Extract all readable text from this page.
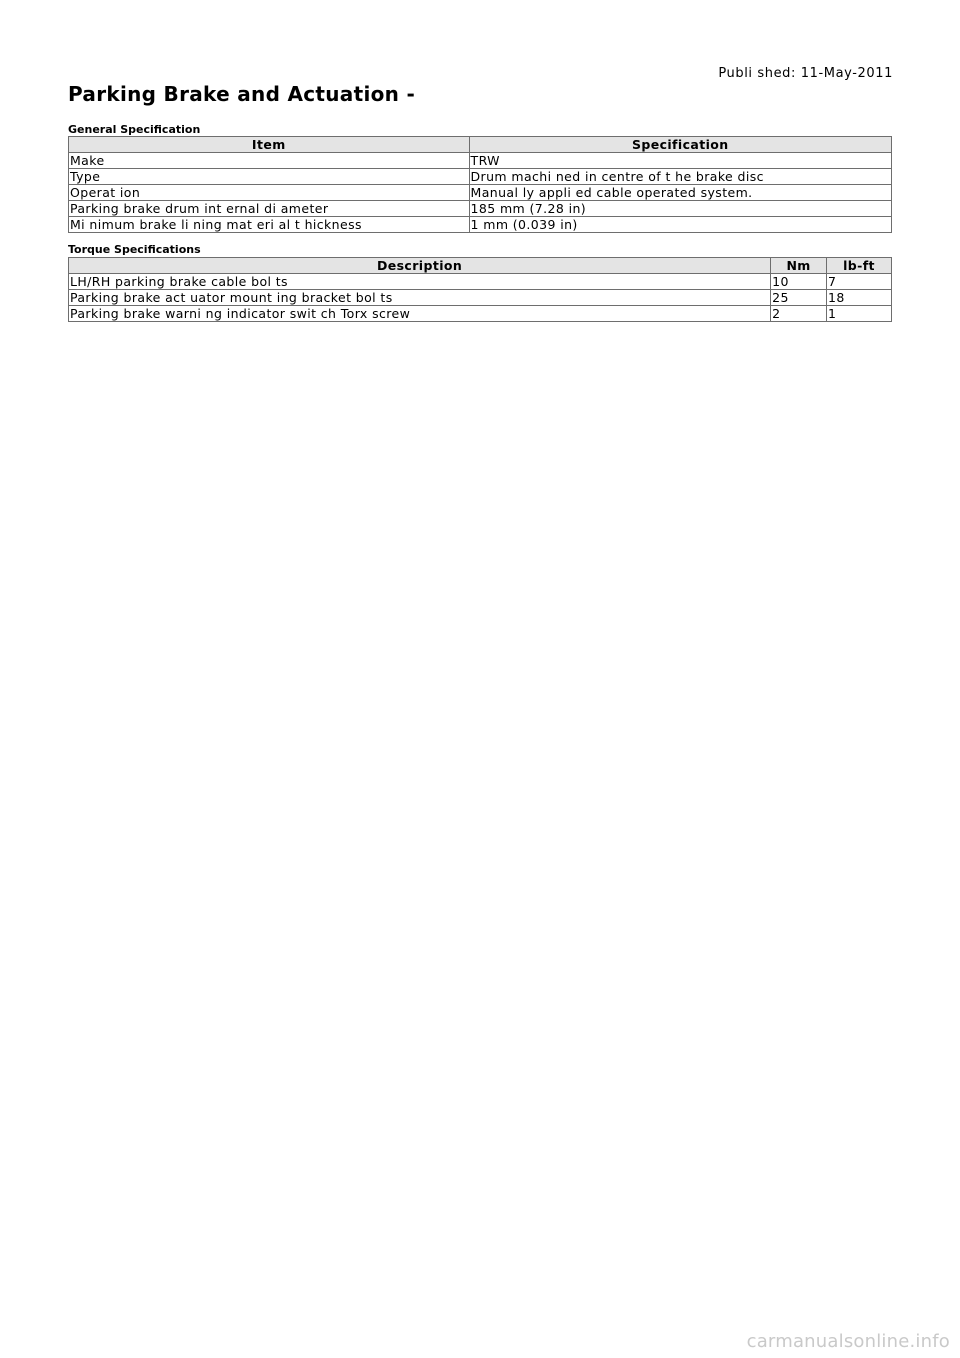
Publi shed: 11-May-2011
Parking Brake and Actuation -
General Specification
Item	Specification
Make	TRW
Type	Drum machi ned in centre of t he brake disc
Operat ion	Manual ly appli ed cable operated system.
Parking brake drum int ernal di ameter	185 mm (7.28 in)
Mi nimum brake li ning mat eri al t hickness	1 mm (0.039 in)
Torque Specifications
Description	Nm	lb-ft
LH/RH parking brake cable bol ts	10	7
Parking brake act uator mount ing bracket bol ts	25	18
Parking brake warni ng indicator swit ch Torx screw	2	1
carmanualsonline.info
